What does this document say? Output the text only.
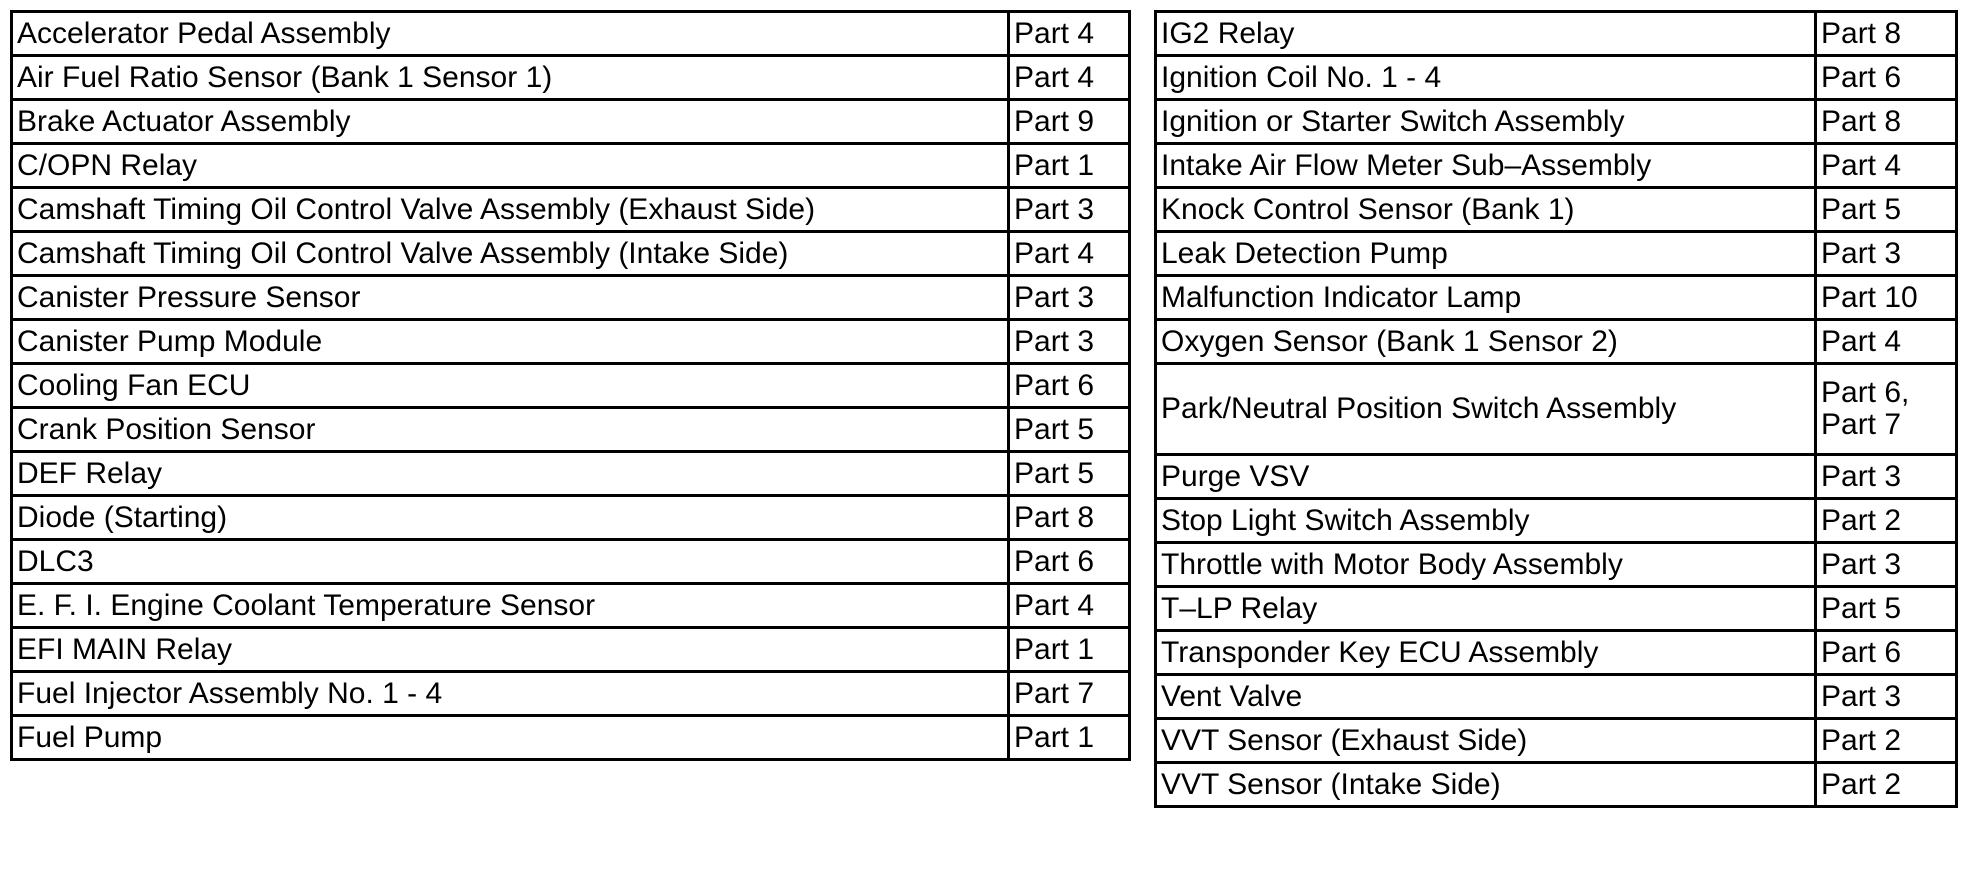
Accelerator Pedal Assembly	Part 4
Air Fuel Ratio Sensor (Bank 1 Sensor 1)	Part 4
Brake Actuator Assembly	Part 9
C/OPN Relay	Part 1
Camshaft Timing Oil Control Valve Assembly (Exhaust Side)	Part 3
Camshaft Timing Oil Control Valve Assembly (Intake Side)	Part 4
Canister Pressure Sensor	Part 3
Canister Pump Module	Part 3
Cooling Fan ECU	Part 6
Crank Position Sensor	Part 5
DEF Relay	Part 5
Diode (Starting)	Part 8
DLC3	Part 6
E. F. I. Engine Coolant Temperature Sensor	Part 4
EFI MAIN Relay	Part 1
Fuel Injector Assembly No. 1 - 4	Part 7
Fuel Pump	Part 1
IG2 Relay	Part 8
Ignition Coil No. 1 - 4	Part 6
Ignition or Starter Switch Assembly	Part 8
Intake Air Flow Meter Sub–Assembly	Part 4
Knock Control Sensor (Bank 1)	Part 5
Leak Detection Pump	Part 3
Malfunction Indicator Lamp	Part 10
Oxygen Sensor (Bank 1 Sensor 2)	Part 4
Park/Neutral Position Switch Assembly	Part 6,
Part 7
Purge VSV	Part 3
Stop Light Switch Assembly	Part 2
Throttle with Motor Body Assembly	Part 3
T–LP Relay	Part 5
Transponder Key ECU Assembly	Part 6
Vent Valve	Part 3
VVT Sensor (Exhaust Side)	Part 2
VVT Sensor (Intake Side)	Part 2
